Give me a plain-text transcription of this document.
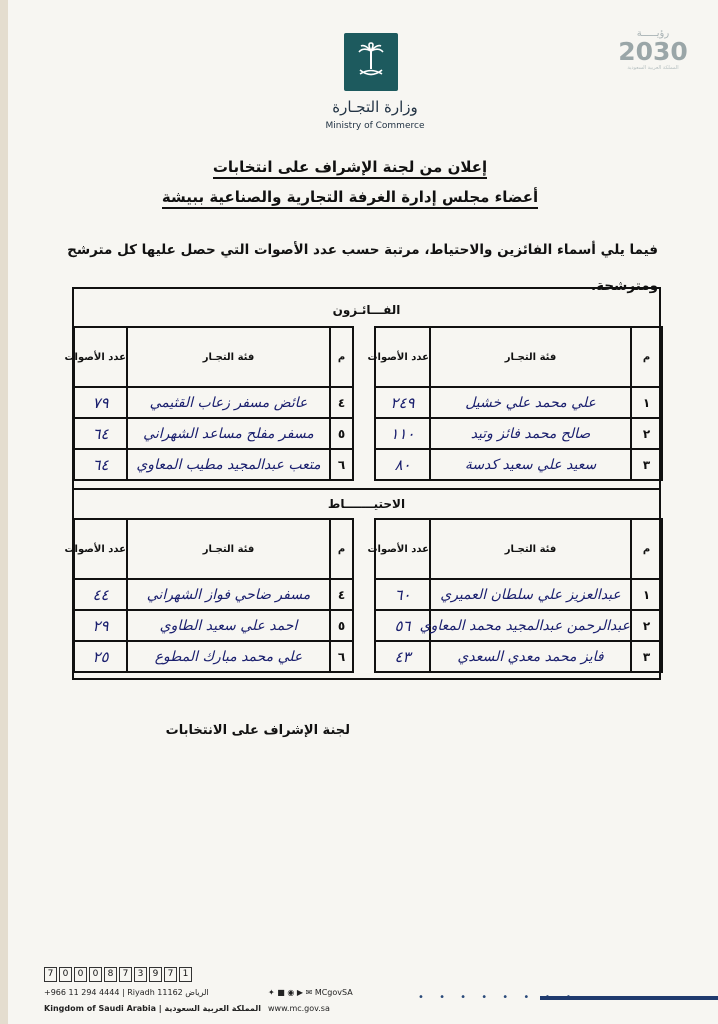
وزارة التجـارة
Ministry of Commerce
رؤيـــــة
2030
المملكة العربية السعودية
إعلان من لجنة الإشراف على انتخابات
أعضاء مجلس إدارة الغرفة التجارية والصناعية ببيشة
فيما يلي أسماء الفائزين والاحتياط، مرتبة حسب عدد الأصوات التي حصل عليها كل مترشح ومترشحة.
الفـــائـزون
م	فئة التجـار	عدد الأصوات		م	فئة التجـار	عدد الأصوات
١	علي محمد علي خشيل	٢٤٩		٤	عائض مسفر زعاب القثيمي	٧٩
٢	صالح محمد فائز وتيد	١١٠		٥	مسفر مفلح مساعد الشهراني	٦٤
٣	سعيد علي سعيد كدسة	٨٠		٦	متعب عبدالمجيد مطيب المعاوي	٦٤
الاحتيـــــــاط
م	فئة التجـار	عدد الأصوات		م	فئة التجـار	عدد الأصوات
١	عبدالعزيز علي سلطان العميري	٦٠		٤	مسفر ضاحي فواز الشهراني	٤٤
٢	عبدالرحمن عبدالمجيد محمد المعاوي	٥٦		٥	احمد علي سعيد الطاوي	٢٩
٣	فايز محمد معدي السعدي	٤٣		٦	علي محمد مبارك المطوع	٢٥
لجنة الإشراف على الانتخابات
7	0	0	0	8	7	3	9	7	1
+966 11 294 4444 | Riyadh 11162 الرياض
Kingdom of Saudi Arabia | المملكة العربية السعودية
✦ ■ ◉ ▶ ✉ MCgovSA
www.mc.gov.sa
• • • • • • • •
